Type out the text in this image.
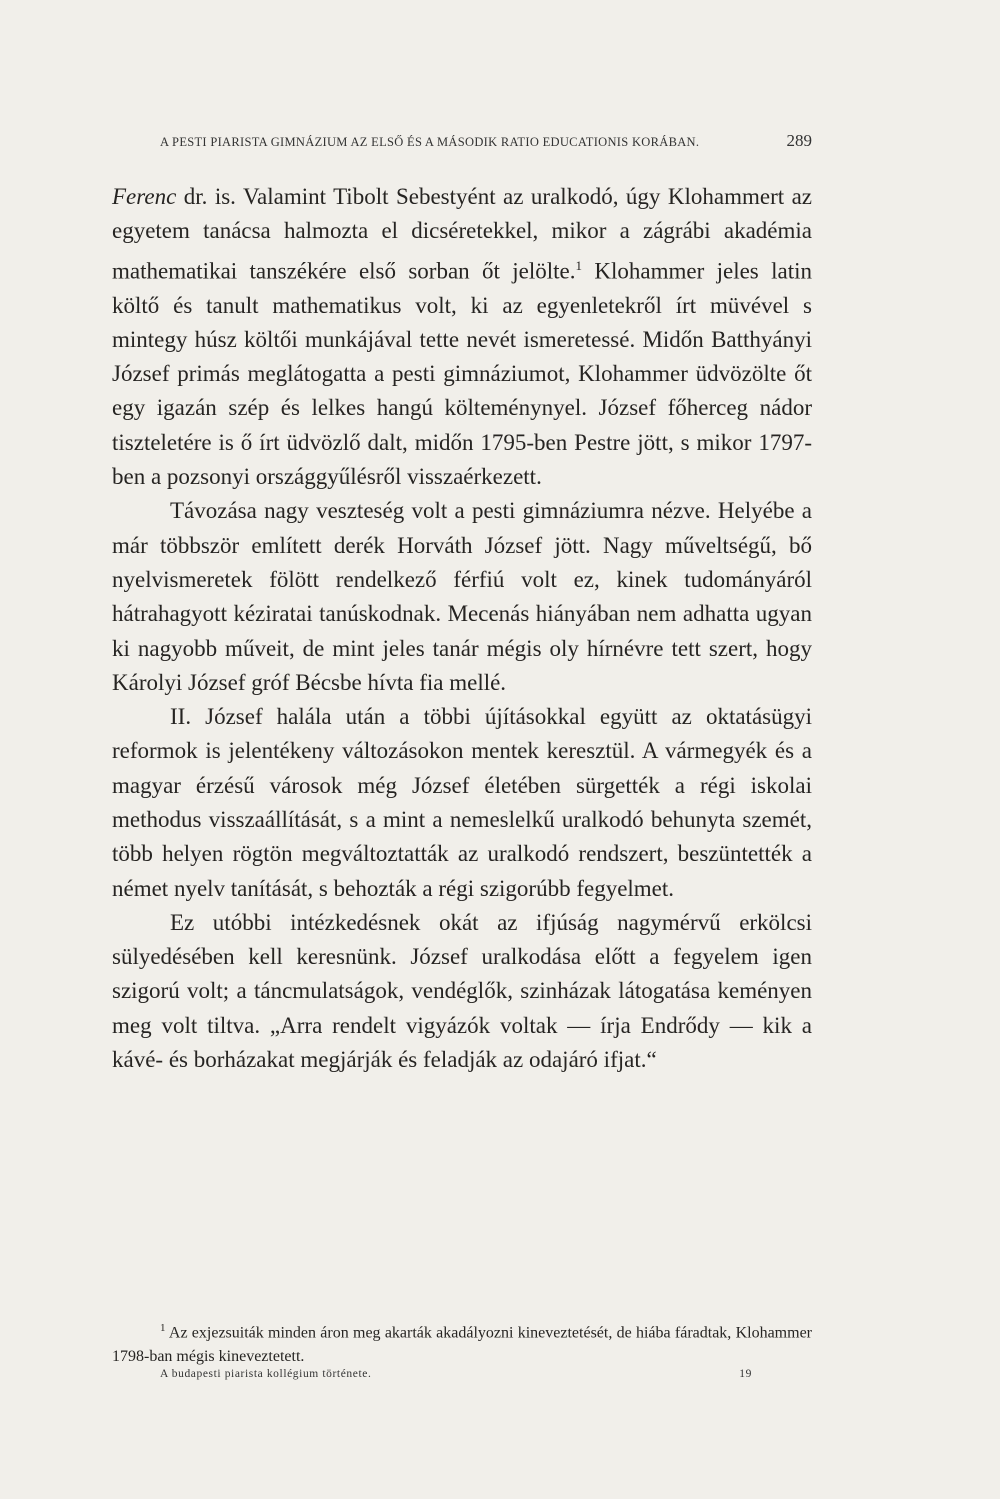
A PESTI PIARISTA GIMNÁZIUM AZ ELSŐ ÉS A MÁSODIK RATIO EDUCATIONIS KORÁBAN.	289

Ferenc dr. is. Valamint Tibolt Sebestyént az uralkodó, úgy Klohammert az egyetem tanácsa halmozta el dicséretekkel, mikor a zágrábi akadémia mathematikai tanszékére első sorban őt jelölte.$^1$ Klohammer jeles latin költő és tanult mathematikus volt, ki az egyenletekről írt müvével s mintegy húsz költői munkájával tette nevét ismeretessé. Midőn Batthyányi József primás meglátogatta a pesti gimnáziumot, Klohammer üdvözölte őt egy igazán szép és lelkes hangú költeménynyel. József főherceg nádor tiszteletére is ő írt üdvözlő dalt, midőn 1795-ben Pestre jött, s mikor 1797-ben a pozsonyi országgyűlésről visszaérkezett.

Távozása nagy veszteség volt a pesti gimnáziumra nézve. Helyébe a már többször említett derék Horváth József jött. Nagy műveltségű, bő nyelvismeretek fölött rendelkező férfiú volt ez, kinek tudományáról hátrahagyott kéziratai tanúskodnak. Mecenás hiányában nem adhatta ugyan ki nagyobb műveit, de mint jeles tanár mégis oly hírnévre tett szert, hogy Károlyi József gróf Bécsbe hívta fia mellé.

II. József halála után a többi újításokkal együtt az oktatásügyi reformok is jelentékeny változásokon mentek keresztül. A vármegyék és a magyar érzésű városok még József életében sürgették a régi iskolai methodus visszaállítását, s a mint a nemeslelkű uralkodó behunyta szemét, több helyen rögtön megváltoztatták az uralkodó rendszert, beszüntették a német nyelv tanítását, s behozták a régi szigorúbb fegyelmet.

Ez utóbbi intézkedésnek okát az ifjúság nagymérvű erkölcsi sülyedésében kell keresnünk. József uralkodása előtt a fegyelem igen szigorú volt; a táncmulatságok, vendéglők, szinházak látogatása keményen meg volt tiltva. „Arra rendelt vigyázók voltak — írja Endrődy — kik a kávé- és borházakat megjárják és feladják az odajáró ifjat.“

$^1$ Az exjezsuiták minden áron meg akarták akadályozni kineveztetését, de hiába fáradtak, Klohammer 1798-ban mégis kineveztetett.

A budapesti piarista kollégium története.	19
